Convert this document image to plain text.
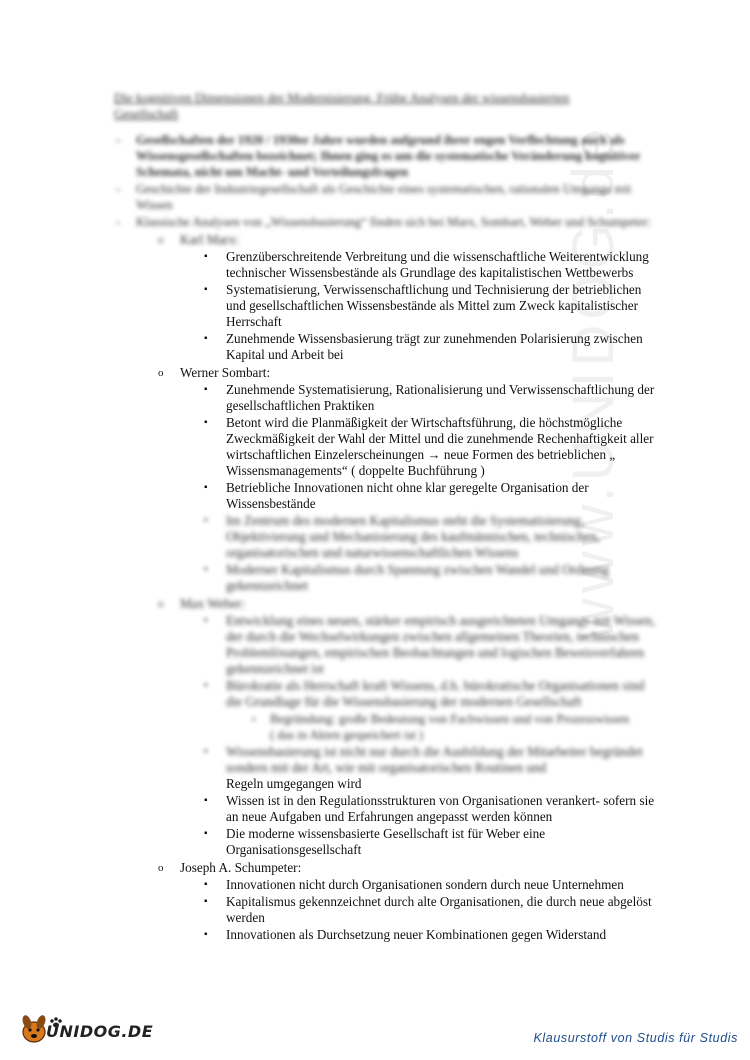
www.UNIDOG.de
Die kognitiven Dimensionen der Modernisierung. Frühe Analysen der wissensbasierten Gesellschaft
- Gesellschaften der 1920 / 1930er Jahre wurden aufgrund ihrer engen Verflechtung auch als Wissensgesellschaften bezeichnet; Ihnen ging es um die systematische Veränderung kognitiver Schemata, nicht um Macht- und Verteilungsfragen
- Geschichte der Industriegesellschaft als Geschichte eines systematischen, rationalen Umgangs mit Wissen
- Klassische Analysen von „Wissensbasierung“ finden sich bei Marx, Sombart, Weber und Schumpeter:
o Karl Marx:
▪ Grenzüberschreitende Verbreitung und die wissenschaftliche Weiterentwicklung technischer Wissensbestände als Grundlage des kapitalistischen Wettbewerbs
▪ Systematisierung, Verwissenschaftlichung und Technisierung der betrieblichen und gesellschaftlichen Wissensbestände als Mittel zum Zweck kapitalistischer Herrschaft
▪ Zunehmende Wissensbasierung trägt zur zunehmenden Polarisierung zwischen Kapital und Arbeit bei
o Werner Sombart:
▪ Zunehmende Systematisierung, Rationalisierung und Verwissenschaftlichung der gesellschaftlichen Praktiken
▪ Betont wird die Planmäßigkeit der Wirtschaftsführung, die höchstmögliche Zweckmäßigkeit der Wahl der Mittel und die zunehmende Rechenhaftigkeit aller wirtschaftlichen Einzelerscheinungen → neue Formen des betrieblichen „ Wissensmanagements“ ( doppelte Buchführung )
▪ Betriebliche Innovationen nicht ohne klar geregelte Organisation der Wissensbestände
▪ Im Zentrum des modernen Kapitalismus steht die Systematisierung, Objektivierung und Mechanisierung des kaufmännischen, technischen, organisatorischen und naturwissenschaftlichen Wissens
▪ Moderner Kapitalismus durch Spannung zwischen Wandel und Ordnung gekennzeichnet
o Max Weber:
▪ Entwicklung eines neuen, stärker empirisch ausgerichteten Umgangs mit Wissen, der durch die Wechselwirkungen zwischen allgemeinen Theorien, technischen Problemlösungen, empirischen Beobachtungen und logischen Beweisverfahren gekennzeichnet ist
▪ Bürokratie als Herrschaft kraft Wissens, d.h. bürokratische Organisationen sind die Grundlage für die Wissensbasierung der modernen Gesellschaft
▪ Begründung: große Bedeutung von Fachwissen und von Prozesswissen ( das in Akten gespeichert ist )
▪ Wissensbasierung ist nicht nur durch die Ausbildung der Mitarbeiter begründet sondern mit der Art, wie mit organisatorischen Routinen und
Regeln umgegangen wird
▪ Wissen ist in den Regulationsstrukturen von Organisationen verankert- sofern sie an neue Aufgaben und Erfahrungen angepasst werden können
▪ Die moderne wissensbasierte Gesellschaft ist für Weber eine Organisationsgesellschaft
o Joseph A. Schumpeter:
▪ Innovationen nicht durch Organisationen sondern durch neue Unternehmen
▪ Kapitalismus gekennzeichnet durch alte Organisationen, die durch neue abgelöst werden
▪ Innovationen als Durchsetzung neuer Kombinationen gegen Widerstand
UNIDOG.DE	Klausurstoff von Studis für Studis
